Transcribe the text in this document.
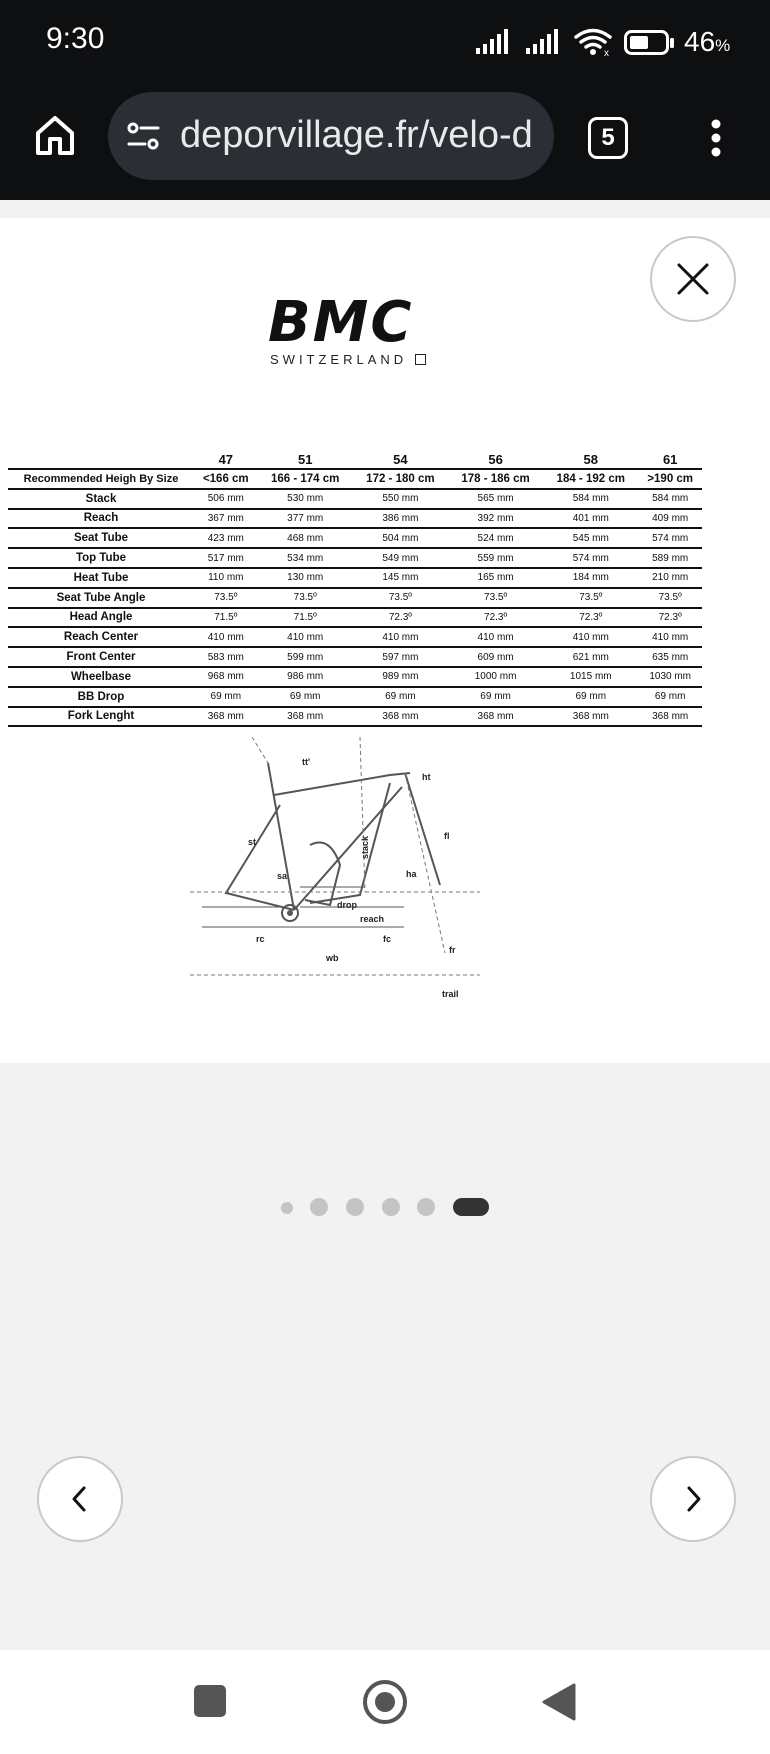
9:30	x	46%
deporvillage.fr/velo-d	5
BMC
SWITZERLAND
	47	51	54	56	58	61
Recommended Heigh By Size	<166 cm	166 - 174 cm	172 - 180 cm	178 - 186 cm	184 - 192 cm	>190 cm
Stack	506 mm	530 mm	550 mm	565 mm	584 mm	584 mm
Reach	367 mm	377 mm	386 mm	392 mm	401 mm	409 mm
Seat Tube	423 mm	468 mm	504 mm	524 mm	545 mm	574 mm
Top Tube	517 mm	534 mm	549 mm	559 mm	574 mm	589 mm
Heat Tube	110 mm	130 mm	145 mm	165 mm	184 mm	210 mm
Seat Tube Angle	73.5º	73.5º	73.5º	73.5º	73.5º	73.5º
Head Angle	71.5º	71.5º	72.3º	72.3º	72.3º	72.3º
Reach Center	410 mm	410 mm	410 mm	410 mm	410 mm	410 mm
Front Center	583 mm	599 mm	597 mm	609 mm	621 mm	635 mm
Wheelbase	968 mm	986 mm	989 mm	1000 mm	1015 mm	1030 mm
BB Drop	69 mm	69 mm	69 mm	69 mm	69 mm	69 mm
Fork Lenght	368 mm	368 mm	368 mm	368 mm	368 mm	368 mm
tt'
ht
st
fl
stack
sa	ha
drop
reach
rc	fc
wb
fr
trail
